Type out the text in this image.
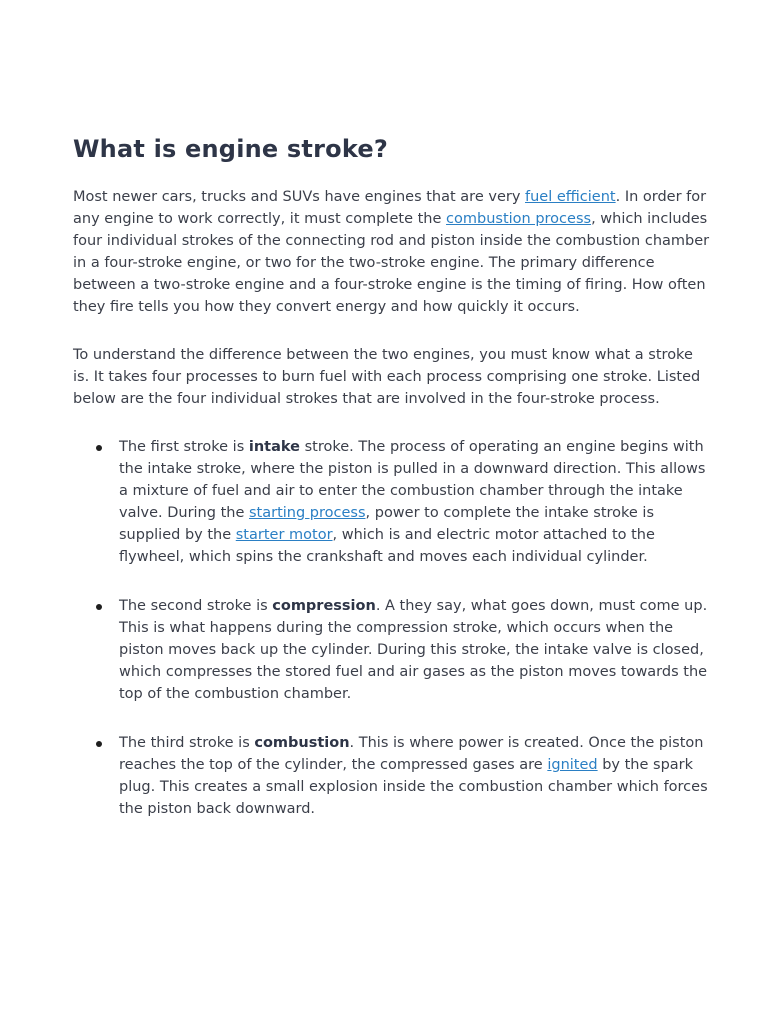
What is engine stroke?

Most newer cars, trucks and SUVs have engines that are very fuel efficient. In order for any engine to work correctly, it must complete the combustion process, which includes four individual strokes of the connecting rod and piston inside the combustion chamber in a four-stroke engine, or two for the two-stroke engine. The primary difference between a two-stroke engine and a four-stroke engine is the timing of firing. How often they fire tells you how they convert energy and how quickly it occurs.

To understand the difference between the two engines, you must know what a stroke is. It takes four processes to burn fuel with each process comprising one stroke. Listed below are the four individual strokes that are involved in the four-stroke process.

The first stroke is intake stroke. The process of operating an engine begins with the intake stroke, where the piston is pulled in a downward direction. This allows a mixture of fuel and air to enter the combustion chamber through the intake valve. During the starting process, power to complete the intake stroke is supplied by the starter motor, which is and electric motor attached to the flywheel, which spins the crankshaft and moves each individual cylinder.
The second stroke is compression. A they say, what goes down, must come up. This is what happens during the compression stroke, which occurs when the piston moves back up the cylinder. During this stroke, the intake valve is closed, which compresses the stored fuel and air gases as the piston moves towards the top of the combustion chamber.
The third stroke is combustion. This is where power is created. Once the piston reaches the top of the cylinder, the compressed gases are ignited by the spark plug. This creates a small explosion inside the combustion chamber which forces the piston back downward.
